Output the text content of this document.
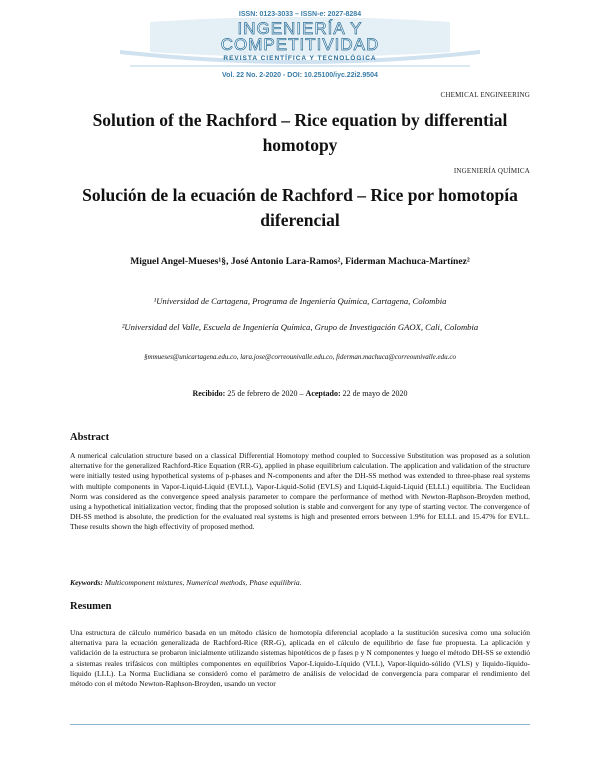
ISSN: 0123-3033 – ISSN-e: 2027-8284
INGENIERÍA Y
COMPETITIVIDAD
REVISTA CIENTÍFICA Y TECNOLÓGICA
Vol. 22 No. 2-2020 - DOI: 10.25100/iyc.22i2.9504
CHEMICAL ENGINEERING
Solution of the Rachford – Rice equation by differential homotopy
INGENIERÍA QUÍMICA
Solución de la ecuación de Rachford – Rice por homotopía diferencial
Miguel Angel-Mueses¹§, José Antonio Lara-Ramos², Fiderman Machuca-Martínez²
¹Universidad de Cartagena, Programa de Ingeniería Química, Cartagena, Colombia
²Universidad del Valle, Escuela de Ingeniería Química, Grupo de Investigación GAOX, Cali, Colombia
§mmueses@unicartagena.edu.co, lara.jose@correounivalle.edu.co, fiderman.machuca@correounivalle.edu.co
Recibido: 25 de febrero de 2020 – Aceptado: 22 de mayo de 2020
Abstract

A numerical calculation structure based on a classical Differential Homotopy method coupled to Successive Substitution was proposed as a solution alternative for the generalized Rachford-Rice Equation (RR-G), applied in phase equilibrium calculation. The application and validation of the structure were initially tested using hypothetical systems of p-phases and N-components and after the DH-SS method was extended to three-phase real systems with multiple components in Vapor-Liquid-Liquid (EVLL), Vapor-Liquid-Solid (EVLS) and Liquid-Liquid-Liquid (ELLL) equilibria. The Euclidean Norm was considered as the convergence speed analysis parameter to compare the performance of method with Newton-Raphson-Broyden method, using a hypothetical initialization vector, finding that the proposed solution is stable and convergent for any type of starting vector. The convergence of DH-SS method is absolute, the prediction for the evaluated real systems is high and presented errors between 1.9% for ELLL and 15.47% for EVLL. These results shown the high effectivity of proposed method.

Keywords: Multicomponent mixtures, Numerical methods, Phase equilibria.
Resumen

Una estructura de cálculo numérico basada en un método clásico de homotopía diferencial acoplado a la sustitución sucesiva como una solución alternativa para la ecuación generalizada de Rachford-Rice (RR-G), aplicada en el cálculo de equilibrio de fase fue propuesta. La aplicación y validación de la estructura se probaron inicialmente utilizando sistemas hipotéticos de p fases p y N componentes y luego el método DH-SS se extendió a sistemas reales trifásicos con múltiples componentes en equilibrios Vapor-Líquido-Líquido (VLL), Vapor-líquido-sólido (VLS) y líquido-líquido-líquido (LLL). La Norma Euclidiana se consideró como el parámetro de análisis de velocidad de convergencia para comparar el rendimiento del método con el método Newton-Raphson-Broyden, usando un vector
